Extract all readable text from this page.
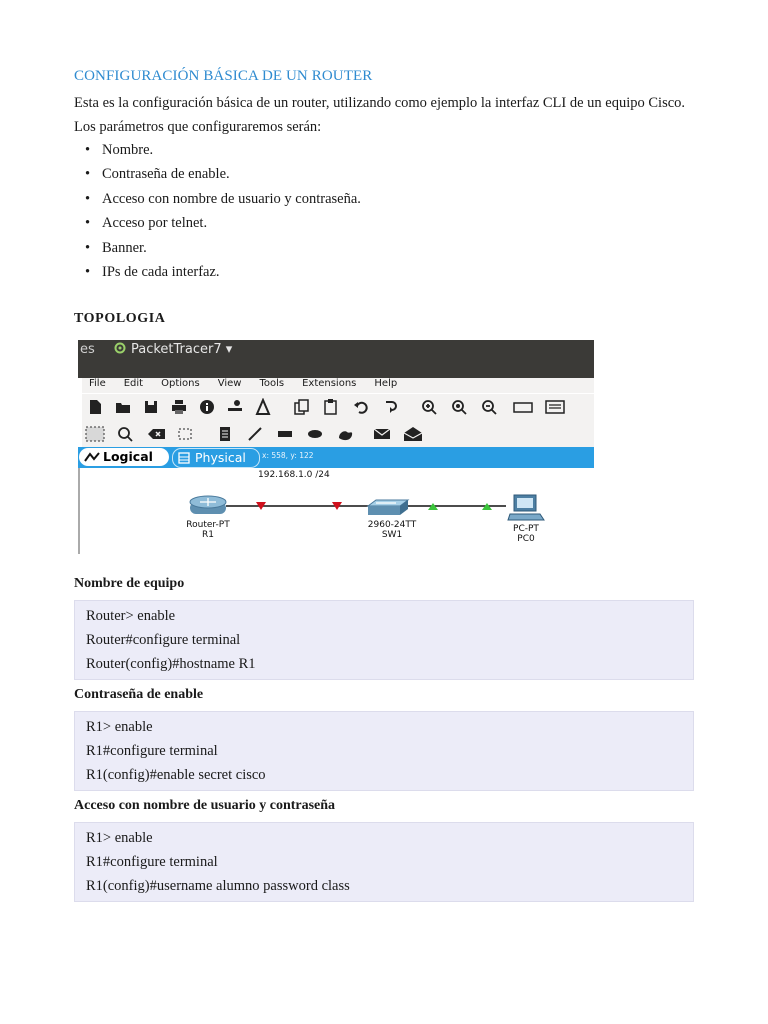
CONFIGURACIÓN BÁSICA DE UN ROUTER
Esta es la configuración básica de un router, utilizando como ejemplo la interfaz CLI de un equipo Cisco. Los parámetros que configuraremos serán:
• Nombre.
• Contraseña de enable.
• Acceso con nombre de usuario y contraseña.
• Acceso por telnet.
• Banner.
• IPs de cada interfaz.
TOPOLOGIA
es	PacketTracer7 ▾
File Edit Options View Tools Extensions Help
Logical	Physical x: 558, y: 122
192.168.1.0 /24
Router-PT
R1
2960-24TT
SW1
PC-PT
PC0
Nombre de equipo
Router> enable
Router#configure terminal
Router(config)#hostname R1
Contraseña de enable
R1> enable
R1#configure terminal
R1(config)#enable secret cisco
Acceso con nombre de usuario y contraseña
R1> enable
R1#configure terminal
R1(config)#username alumno password class
